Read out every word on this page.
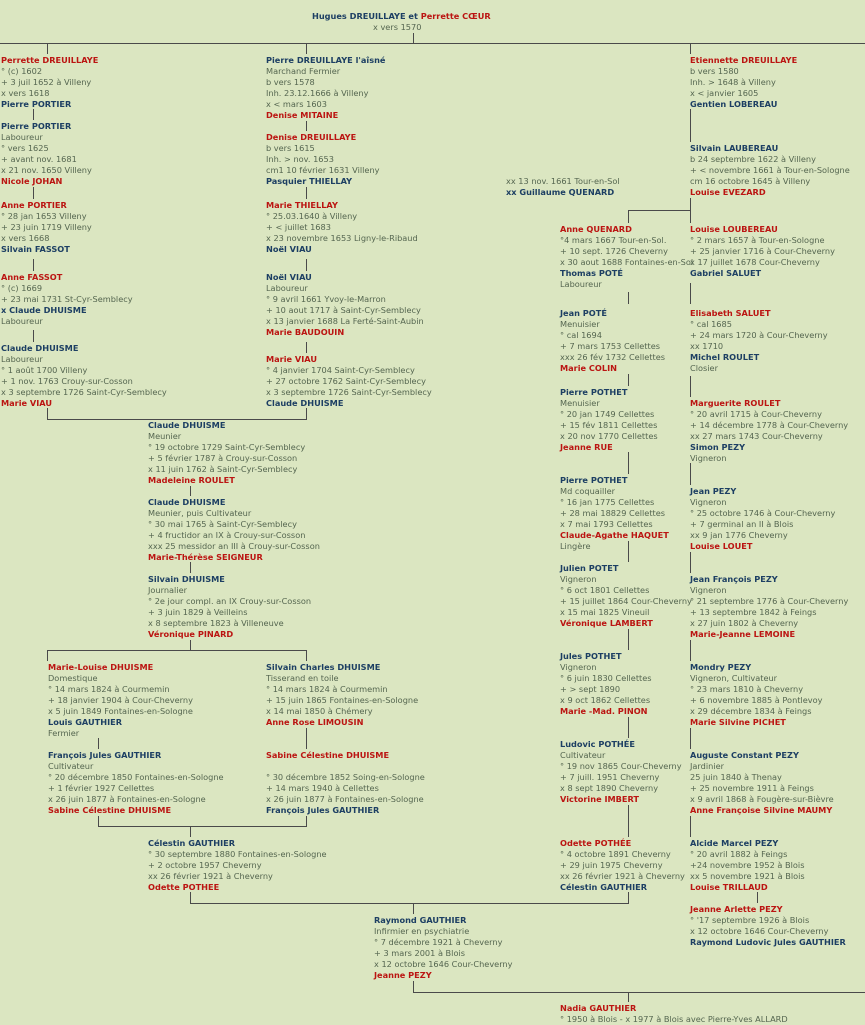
Hugues DREUILLAYE et Perrette CŒUR
x vers 1570
Perrette DREUILLAYE
° (c) 1602
+ 3 juil 1652 à Villeny
x vers 1618
Pierre PORTIER
Pierre DREUILLAYE l'aîsné
Marchand Fermier
b vers 1578
Inh. 23.12.1666 à Villeny
x < mars 1603
Denise MITAINE
Etiennette DREUILLAYE
b vers 1580
Inh. > 1648 à Villeny
x < janvier 1605
Gentien LOBEREAU
Pierre PORTIER
Laboureur
° vers 1625
+ avant nov. 1681
x 21 nov. 1650 Villeny
Nicole JOHAN
Denise DREUILLAYE
b vers 1615
Inh. > nov. 1653
cm1 10 février 1631 Villeny
Pasquier THIELLAY
Silvain LAUBEREAU
b 24 septembre 1622 à Villeny
+ < novembre 1661 à Tour-en-Sologne
cm 16 octobre 1645 à Villeny
Louise EVEZARD
xx 13 nov. 1661 Tour-en-Sol
xx Guillaume QUENARD
Anne PORTIER
° 28 jan 1653 Villeny
+ 23 juin 1719 Villeny
x vers 1668
Silvain FASSOT
Marie THIELLAY
° 25.03.1640 à Villeny
+ < juillet 1683
x 23 novembre 1653 Ligny-le-Ribaud
Noël VIAU
Anne QUENARD
°4 mars 1667 Tour-en-Sol.
+ 10 sept. 1726 Cheverny
x 30 aout 1688 Fontaines-en-Sol
Thomas POTÉ
Laboureur
Louise LOUBEREAU
° 2 mars 1657 à Tour-en-Sologne
+ 25 janvier 1716 à Cour-Cheverny
x 17 juillet 1678 Cour-Cheverny
Gabriel SALUET
Anne FASSOT
° (c) 1669
+ 23 mai 1731 St-Cyr-Semblecy
x Claude DHUISME
Laboureur
Noël VIAU
Laboureur
° 9 avril 1661 Yvoy-le-Marron
+ 10 aout 1717 à Saint-Cyr-Semblecy
x 13 janvier 1688 La Ferté-Saint-Aubin
Marie BAUDOUIN
Jean POTÉ
Menuisier
° cal 1694
+ 7 mars 1753 Cellettes
xxx 26 fév 1732 Cellettes
Marie COLIN
Elisabeth SALUET
° cal 1685
+ 24 mars 1720 à Cour-Cheverny
xx 1710
Michel ROULET
Closier
Claude DHUISME
Laboureur
° 1 août 1700 Villeny
+ 1 nov. 1763 Crouy-sur-Cosson
x 3 septembre 1726 Saint-Cyr-Semblecy
Marie VIAU
Marie VIAU
° 4 janvier 1704 Saint-Cyr-Semblecy
+ 27 octobre 1762 Saint-Cyr-Semblecy
x 3 septembre 1726 Saint-Cyr-Semblecy
Claude DHUISME
Pierre POTHET
Menuisier
° 20 jan 1749 Cellettes
+ 15 fév 1811 Cellettes
x 20 nov 1770 Cellettes
Jeanne RUE
Marguerite ROULET
° 20 avril 1715 à Cour-Cheverny
+ 14 décembre 1778 à Cour-Cheverny
xx 27 mars 1743 Cour-Cheverny
Simon PEZY
Vigneron
Claude DHUISME
Meunier
° 19 octobre 1729 Saint-Cyr-Semblecy
+ 5 février 1787 à Crouy-sur-Cosson
x 11 juin 1762 à Saint-Cyr-Semblecy
Madeleine ROULET	Pierre POTHET
Md coquailler
° 16 jan 1775 Cellettes
+ 28 mai 18829 Cellettes
x 7 mai 1793 Cellettes
Claude-Agathe HAQUET
Lingère
Jean PEZY
Vigneron
° 25 octobre 1746 à Cour-Cheverny
+ 7 germinal an II à Blois
xx 9 jan 1776 Cheverny
Louise LOUET
Claude DHUISME
Meunier, puis Cultivateur
° 30 mai 1765 à Saint-Cyr-Semblecy
+ 4 fructidor an IX à Crouy-sur-Cosson
xxx 25 messidor an III à Crouy-sur-Cosson
Marie-Thérèse SEIGNEUR
Julien POTET
Vigneron
° 6 oct 1801 Cellettes
+ 15 juillet 1864 Cour-Cheverny
x 15 mai 1825 Vineuil
Véronique LAMBERT
Silvain DHUISME
Journalier
° 2e jour compl. an IX Crouy-sur-Cosson
+ 3 juin 1829 à Veilleins
x 8 septembre 1823 à Villeneuve
Véronique PINARD
Jean François PEZY
Vigneron
° 21 septembre 1776 à Cour-Cheverny
+ 13 septembre 1842 à Feings
x 27 juin 1802 à Cheverny
Marie-Jeanne LEMOINE
Jules POTHET
Vigneron
° 6 juin 1830 Cellettes
+ > sept 1890
x 9 oct 1862 Cellettes
Marie -Mad. PINON
Marie-Louise DHUISME
Domestique
° 14 mars 1824 à Courmemin
+ 18 janvier 1904 à Cour-Cheverny
x 5 juin 1849 Fontaines-en-Sologne
Louis GAUTHIER
Fermier
Silvain Charles DHUISME
Tisserand en toile
° 14 mars 1824 à Courmemin
+ 15 juin 1865 Fontaines-en-Sologne
x 14 mai 1850 à Chémery
Anne Rose LIMOUSIN
Mondry PEZY
Vigneron, Cultivateur
° 23 mars 1810 à Cheverny
+ 6 novembre 1885 à Pontlevoy
x 29 décembre 1834 à Feings
Marie Silvine PICHET
Ludovic POTHÉE
Cultivateur
° 19 nov 1865 Cour-Cheverny
+ 7 juill. 1951 Cheverny
x 8 sept 1890 Cheverny
Victorine IMBERT
François Jules GAUTHIER
Cultivateur
° 20 décembre 1850 Fontaines-en-Sologne
+ 1 février 1927 Cellettes
x 26 juin 1877 à Fontaines-en-Sologne
Sabine Célestine DHUISME
Sabine Célestine DHUISME
° 30 décembre 1852 Soing-en-Sologne
+ 14 mars 1940 à Cellettes
x 26 juin 1877 à Fontaines-en-Sologne
François Jules GAUTHIER
Auguste Constant PEZY
Jardinier
25 juin 1840 à Thenay
+ 25 novembre 1911 à Feings
x 9 avril 1868 à Fougère-sur-Bièvre
Anne Françoise Silvine MAUMY
Célestin GAUTHIER
° 30 septembre 1880 Fontaines-en-Sologne
+ 2 octobre 1957 Cheverny
xx 26 février 1921 à Cheverny
Odette POTHEE
Odette POTHÉE
° 4 octobre 1891 Cheverny
+ 29 juin 1975 Cheverny
xx 26 février 1921 à Cheverny
Célestin GAUTHIER
Alcide Marcel PEZY
° 20 avril 1882 à Feings
+24 novembre 1952 à Blois
xx 5 novembre 1921 à Blois
Louise TRILLAUD
Jeanne Arlette PEZY
° '17 septembre 1926 à Blois
x 12 octobre 1646 Cour-Cheverny
Raymond Ludovic Jules GAUTHIER
Raymond GAUTHIER
Infirmier en psychiatrie
° 7 décembre 1921 à Cheverny
+ 3 mars 2001 à Blois
x 12 octobre 1646 Cour-Cheverny
Jeanne PEZY
Nadia GAUTHIER
° 1950 à Blois - x 1977 à Blois avec Pierre-Yves ALLARD
